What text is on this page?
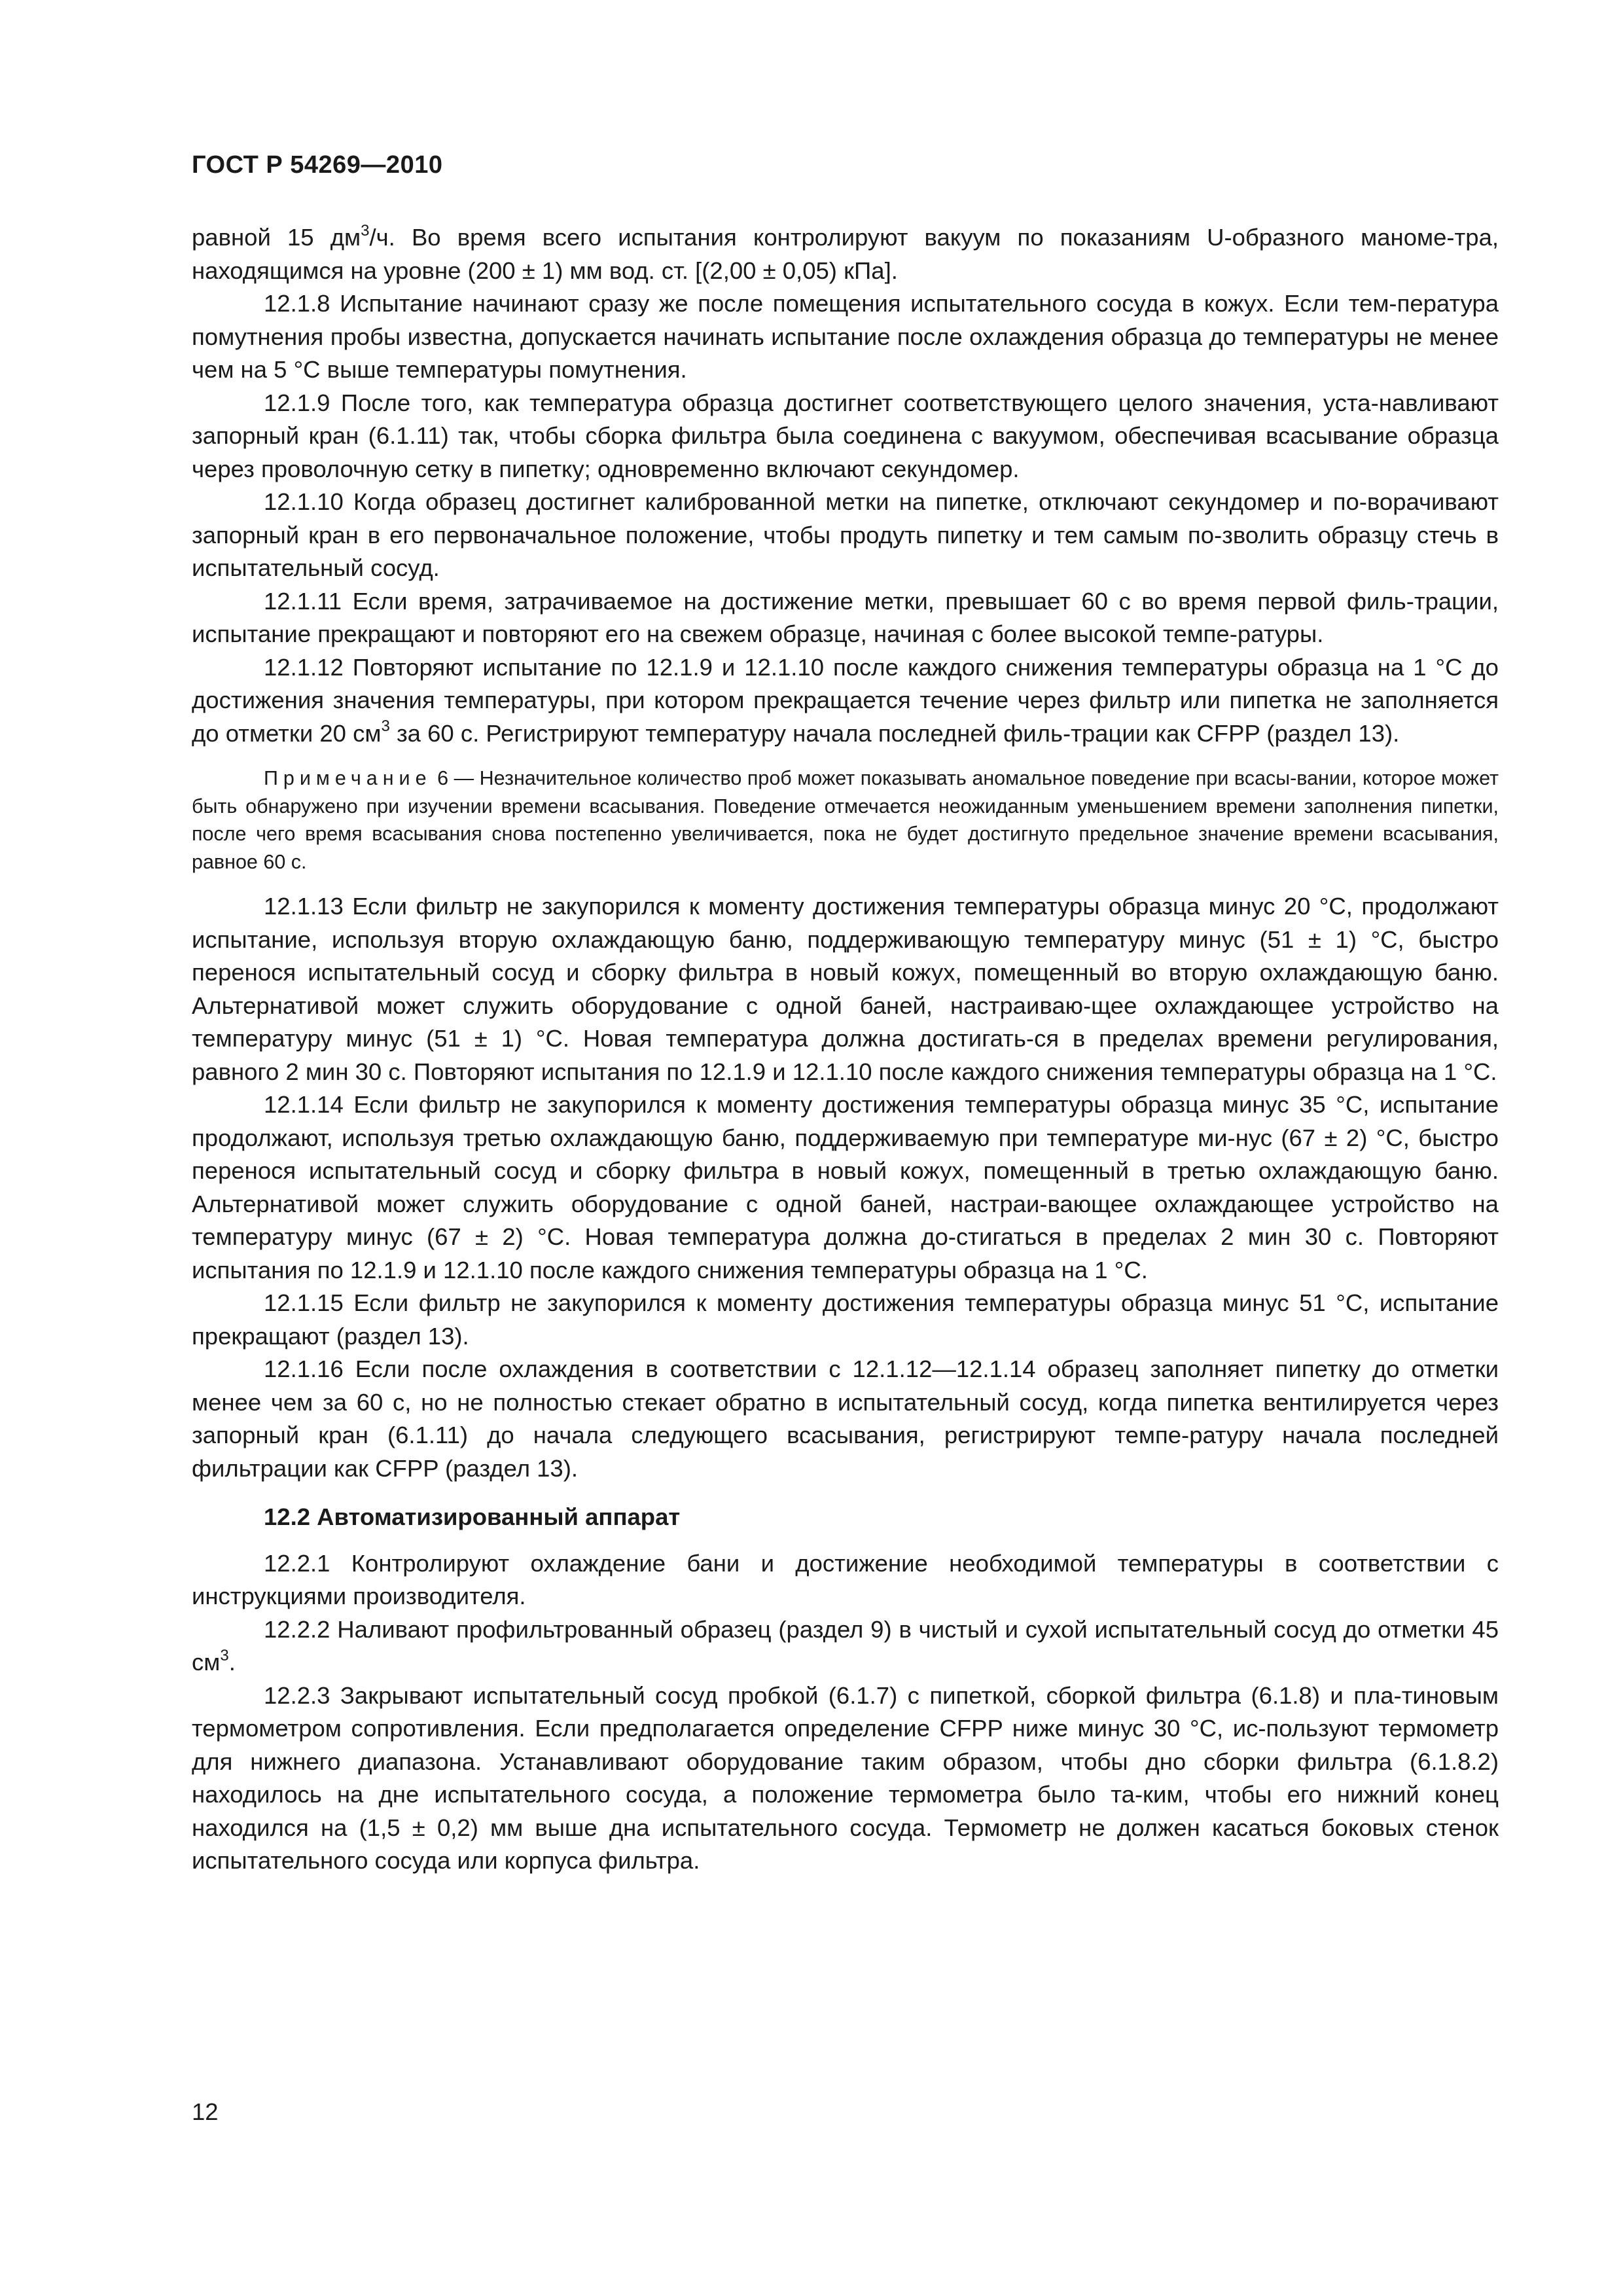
ГОСТ Р 54269—2010

равной 15 $дм^3/ч$. Во время всего испытания контролируют вакуум по показаниям U-образного маноме-тра, находящимся на уровне (200 ± 1) мм вод. ст. [(2,00 ± 0,05) кПа].

12.1.8 Испытание начинают сразу же после помещения испытательного сосуда в кожух. Если тем-пература помутнения пробы известна, допускается начинать испытание после охлаждения образца до температуры не менее чем на 5 °С выше температуры помутнения.

12.1.9 После того, как температура образца достигнет соответствующего целого значения, уста-навливают запорный кран (6.1.11) так, чтобы сборка фильтра была соединена с вакуумом, обеспечивая всасывание образца через проволочную сетку в пипетку; одновременно включают секундомер.

12.1.10 Когда образец достигнет калиброванной метки на пипетке, отключают секундомер и по-ворачивают запорный кран в его первоначальное положение, чтобы продуть пипетку и тем самым по-зволить образцу стечь в испытательный сосуд.

12.1.11 Если время, затрачиваемое на достижение метки, превышает 60 с во время первой филь-трации, испытание прекращают и повторяют его на свежем образце, начиная с более высокой темпе-ратуры.

12.1.12 Повторяют испытание по 12.1.9 и 12.1.10 после каждого снижения температуры образца на 1 °С до достижения значения температуры, при котором прекращается течение через фильтр или пипетка не заполняется до отметки 20 $см^3$ за 60 с. Регистрируют температуру начала последней филь-трации как CFPP (раздел 13).

Примечание 6 — Незначительное количество проб может показывать аномальное поведение при всасы-вании, которое может быть обнаружено при изучении времени всасывания. Поведение отмечается неожиданным уменьшением времени заполнения пипетки, после чего время всасывания снова постепенно увеличивается, пока не будет достигнуто предельное значение времени всасывания, равное 60 с.

12.1.13 Если фильтр не закупорился к моменту достижения температуры образца минус 20 °С, продолжают испытание, используя вторую охлаждающую баню, поддерживающую температуру минус (51 ± 1) °С, быстро перенося испытательный сосуд и сборку фильтра в новый кожух, помещенный во вторую охлаждающую баню. Альтернативой может служить оборудование с одной баней, настраиваю-щее охлаждающее устройство на температуру минус (51 ± 1) °С. Новая температура должна достигать-ся в пределах времени регулирования, равного 2 мин 30 с. Повторяют испытания по 12.1.9 и 12.1.10 после каждого снижения температуры образца на 1 °С.

12.1.14 Если фильтр не закупорился к моменту достижения температуры образца минус 35 °С, испытание продолжают, используя третью охлаждающую баню, поддерживаемую при температуре ми-нус (67 ± 2) °С, быстро перенося испытательный сосуд и сборку фильтра в новый кожух, помещенный в третью охлаждающую баню. Альтернативой может служить оборудование с одной баней, настраи-вающее охлаждающее устройство на температуру минус (67 ± 2) °С. Новая температура должна до-стигаться в пределах 2 мин 30 с. Повторяют испытания по 12.1.9 и 12.1.10 после каждого снижения температуры образца на 1 °С.

12.1.15 Если фильтр не закупорился к моменту достижения температуры образца минус 51 °С, испытание прекращают (раздел 13).

12.1.16 Если после охлаждения в соответствии с 12.1.12—12.1.14 образец заполняет пипетку до отметки менее чем за 60 с, но не полностью стекает обратно в испытательный сосуд, когда пипетка вентилируется через запорный кран (6.1.11) до начала следующего всасывания, регистрируют темпе-ратуру начала последней фильтрации как CFPP (раздел 13).

12.2 Автоматизированный аппарат

12.2.1 Контролируют охлаждение бани и достижение необходимой температуры в соответствии с инструкциями производителя.

12.2.2 Наливают профильтрованный образец (раздел 9) в чистый и сухой испытательный сосуд до отметки 45 $см^3$.

12.2.3 Закрывают испытательный сосуд пробкой (6.1.7) с пипеткой, сборкой фильтра (6.1.8) и пла-тиновым термометром сопротивления. Если предполагается определение CFPP ниже минус 30 °С, ис-пользуют термометр для нижнего диапазона. Устанавливают оборудование таким образом, чтобы дно сборки фильтра (6.1.8.2) находилось на дне испытательного сосуда, а положение термометра было та-ким, чтобы его нижний конец находился на (1,5 ± 0,2) мм выше дна испытательного сосуда. Термометр не должен касаться боковых стенок испытательного сосуда или корпуса фильтра.

12
